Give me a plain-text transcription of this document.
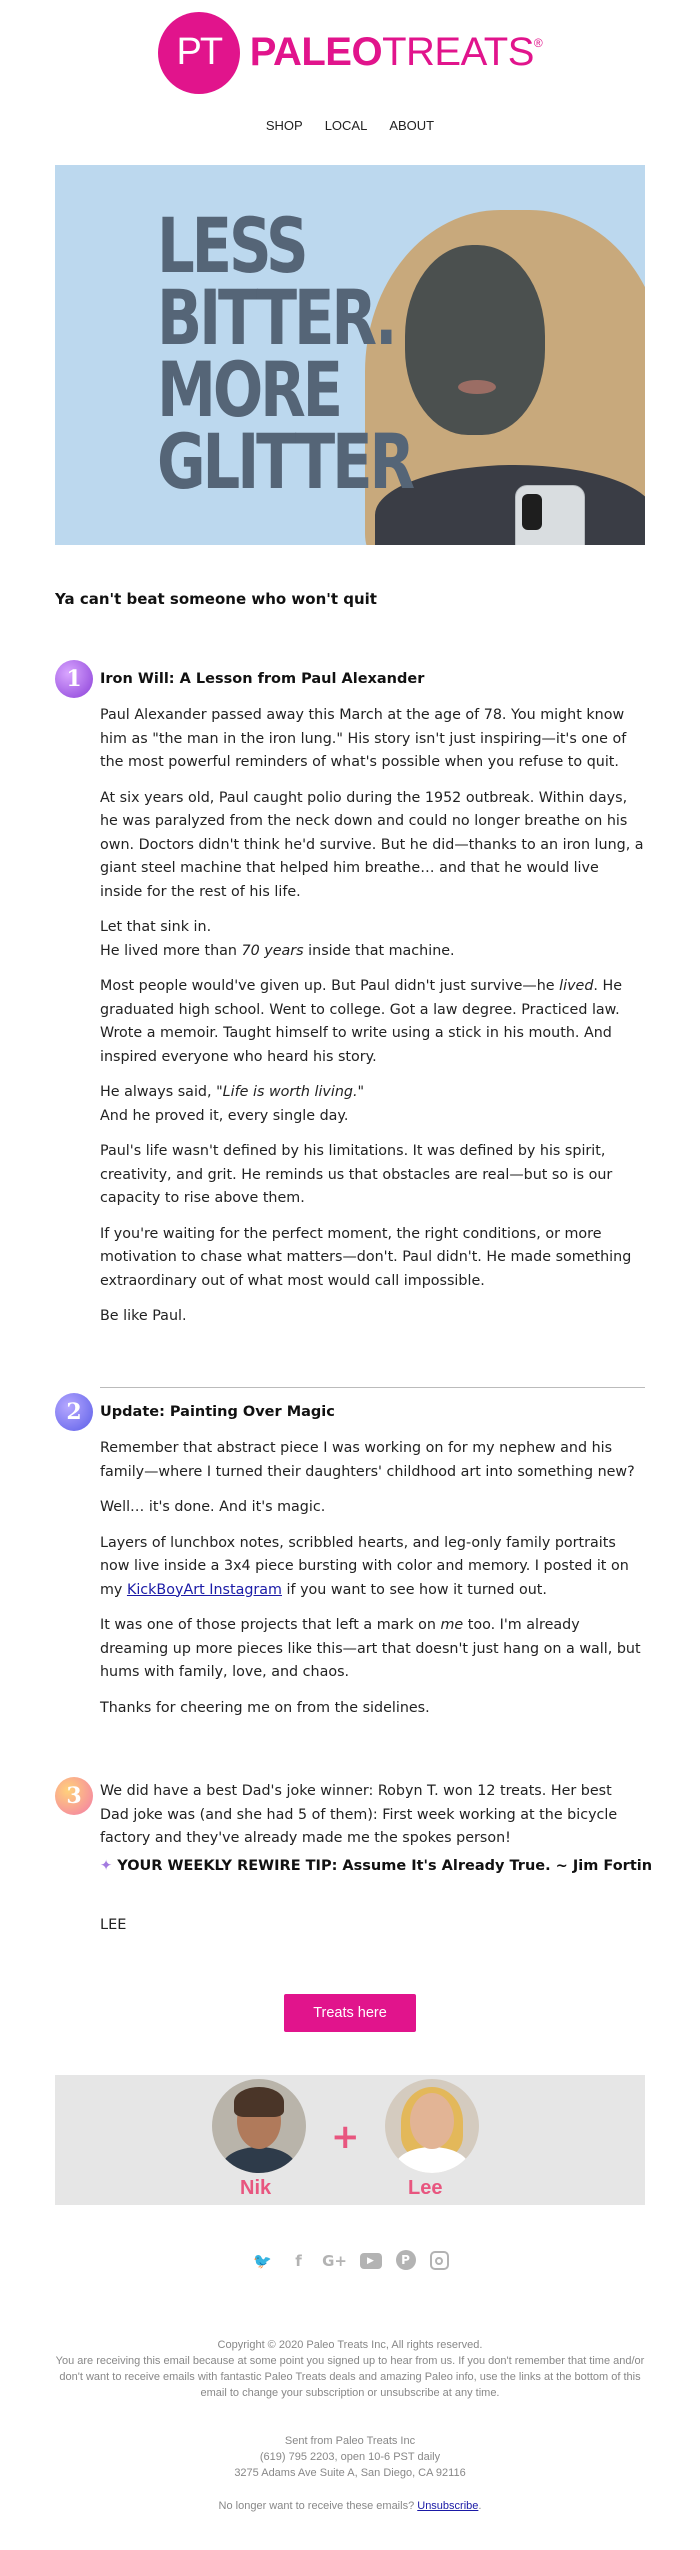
PT PALEOTREATS®
SHOP LOCAL ABOUT
LESS
BITTER.
MORE
GLITTER
Ya can't beat someone who won't quit
1	Iron Will: A Lesson from Paul Alexander

Paul Alexander passed away this March at the age of 78. You might know him as "the man in the iron lung." His story isn't just inspiring—it's one of the most powerful reminders of what's possible when you refuse to quit.

At six years old, Paul caught polio during the 1952 outbreak. Within days, he was paralyzed from the neck down and could no longer breathe on his own. Doctors didn't think he'd survive. But he did—thanks to an iron lung, a giant steel machine that helped him breathe… and that he would live inside for the rest of his life.

Let that sink in.
He lived more than 70 years inside that machine.

Most people would've given up. But Paul didn't just survive—he lived. He graduated high school. Went to college. Got a law degree. Practiced law. Wrote a memoir. Taught himself to write using a stick in his mouth. And inspired everyone who heard his story.

He always said, "Life is worth living."
And he proved it, every single day.

Paul's life wasn't defined by his limitations. It was defined by his spirit, creativity, and grit. He reminds us that obstacles are real—but so is our capacity to rise above them.

If you're waiting for the perfect moment, the right conditions, or more motivation to chase what matters—don't. Paul didn't. He made something extraordinary out of what most would call impossible.

Be like Paul.

2	Update: Painting Over Magic

Remember that abstract piece I was working on for my nephew and his family—where I turned their daughters' childhood art into something new?

Well… it's done. And it's magic.

Layers of lunchbox notes, scribbled hearts, and leg-only family portraits now live inside a 3x4 piece bursting with color and memory. I posted it on my KickBoyArt Instagram if you want to see how it turned out.

It was one of those projects that left a mark on me too. I'm already dreaming up more pieces like this—art that doesn't just hang on a wall, but hums with family, love, and chaos.

Thanks for cheering me on from the sidelines.

3	We did have a best Dad's joke winner: Robyn T. won 12 treats. Her best Dad joke was (and she had 5 of them): First week working at the bicycle factory and they've already made me the spokes person!

✦ YOUR WEEKLY REWIRE TIP: Assume It's Already True. ~ Jim Fortin
LEE
Treats here
+
Nik	Lee
🐦	f	G+	▶	P
Copyright © 2020 Paleo Treats Inc, All rights reserved.
You are receiving this email because at some point you signed up to hear from us. If you don't remember that time and/or don't want to receive emails with fantastic Paleo Treats deals and amazing Paleo info, use the links at the bottom of this email to change your subscription or unsubscribe at any time.
Sent from Paleo Treats Inc
(619) 795 2203, open 10-6 PST daily
3275 Adams Ave Suite A, San Diego, CA 92116
No longer want to receive these emails? Unsubscribe.
